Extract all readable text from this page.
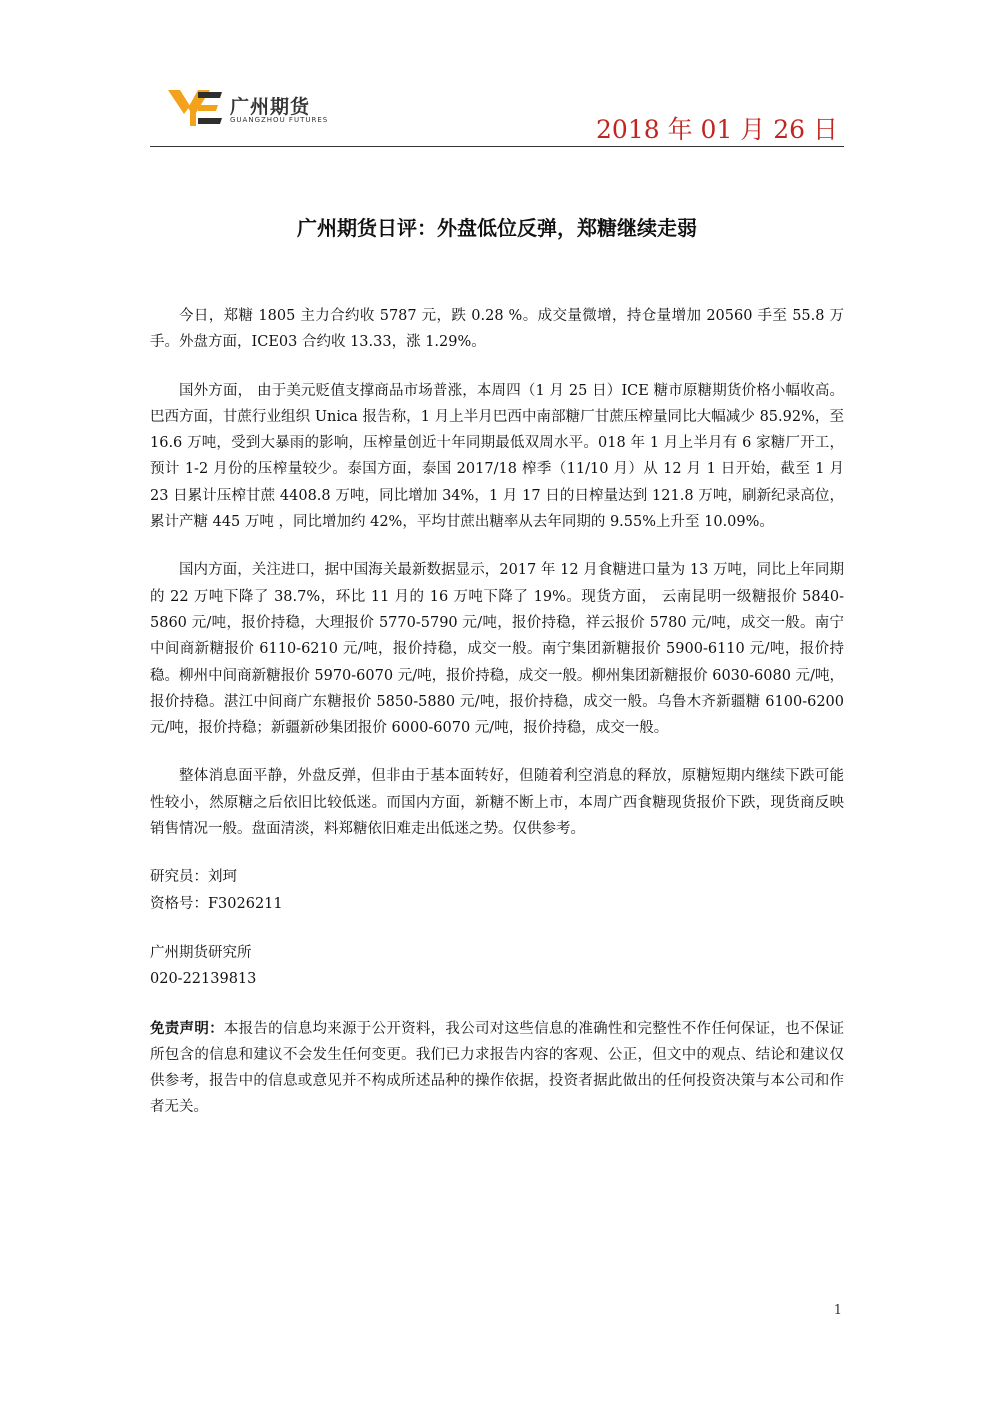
广州期货
GUANGZHOU FUTURES	2018 年 01 月 26 日
广州期货日评：外盘低位反弹，郑糖继续走弱

今日，郑糖 1805 主力合约收 5787 元，跌 0.28 %。成交量微增，持仓量增加 20560 手至 55.8 万手。外盘方面，ICE03 合约收 13.33，涨 1.29%。

国外方面， 由于美元贬值支撑商品市场普涨，本周四（1 月 25 日）ICE 糖市原糖期货价格小幅收高。巴西方面，甘蔗行业组织 Unica 报告称，1 月上半月巴西中南部糖厂甘蔗压榨量同比大幅减少 85.92%，至 16.6 万吨，受到大暴雨的影响，压榨量创近十年同期最低双周水平。018 年 1 月上半月有 6 家糖厂开工，预计 1-2 月份的压榨量较少。泰国方面，泰国 2017/18 榨季（11/10 月）从 12 月 1 日开始，截至 1 月 23 日累计压榨甘蔗 4408.8 万吨，同比增加 34%，1 月 17 日的日榨量达到 121.8 万吨，刷新纪录高位，累计产糖 445 万吨 ，同比增加约 42%，平均甘蔗出糖率从去年同期的 9.55%上升至 10.09%。

国内方面，关注进口，据中国海关最新数据显示，2017 年 12 月食糖进口量为 13 万吨，同比上年同期的 22 万吨下降了 38.7%，环比 11 月的 16 万吨下降了 19%。现货方面， 云南昆明一级糖报价 5840-5860 元/吨，报价持稳，大理报价 5770-5790 元/吨，报价持稳，祥云报价 5780 元/吨，成交一般。南宁中间商新糖报价 6110-6210 元/吨，报价持稳，成交一般。南宁集团新糖报价 5900-6110 元/吨，报价持稳。柳州中间商新糖报价 5970-6070 元/吨，报价持稳，成交一般。柳州集团新糖报价 6030-6080 元/吨，报价持稳。湛江中间商广东糖报价 5850-5880 元/吨，报价持稳，成交一般。乌鲁木齐新疆糖 6100-6200 元/吨，报价持稳；新疆新砂集团报价 6000-6070 元/吨，报价持稳，成交一般。

整体消息面平静，外盘反弹，但非由于基本面转好，但随着利空消息的释放，原糖短期内继续下跌可能性较小，然原糖之后依旧比较低迷。而国内方面，新糖不断上市，本周广西食糖现货报价下跌，现货商反映销售情况一般。盘面清淡，料郑糖依旧难走出低迷之势。仅供参考。

研究员：刘珂

资格号：F3026211

广州期货研究所

020-22139813

免责声明：本报告的信息均来源于公开资料，我公司对这些信息的准确性和完整性不作任何保证，也不保证所包含的信息和建议不会发生任何变更。我们已力求报告内容的客观、公正，但文中的观点、结论和建议仅供参考，报告中的信息或意见并不构成所述品种的操作依据，投资者据此做出的任何投资决策与本公司和作者无关。

1
